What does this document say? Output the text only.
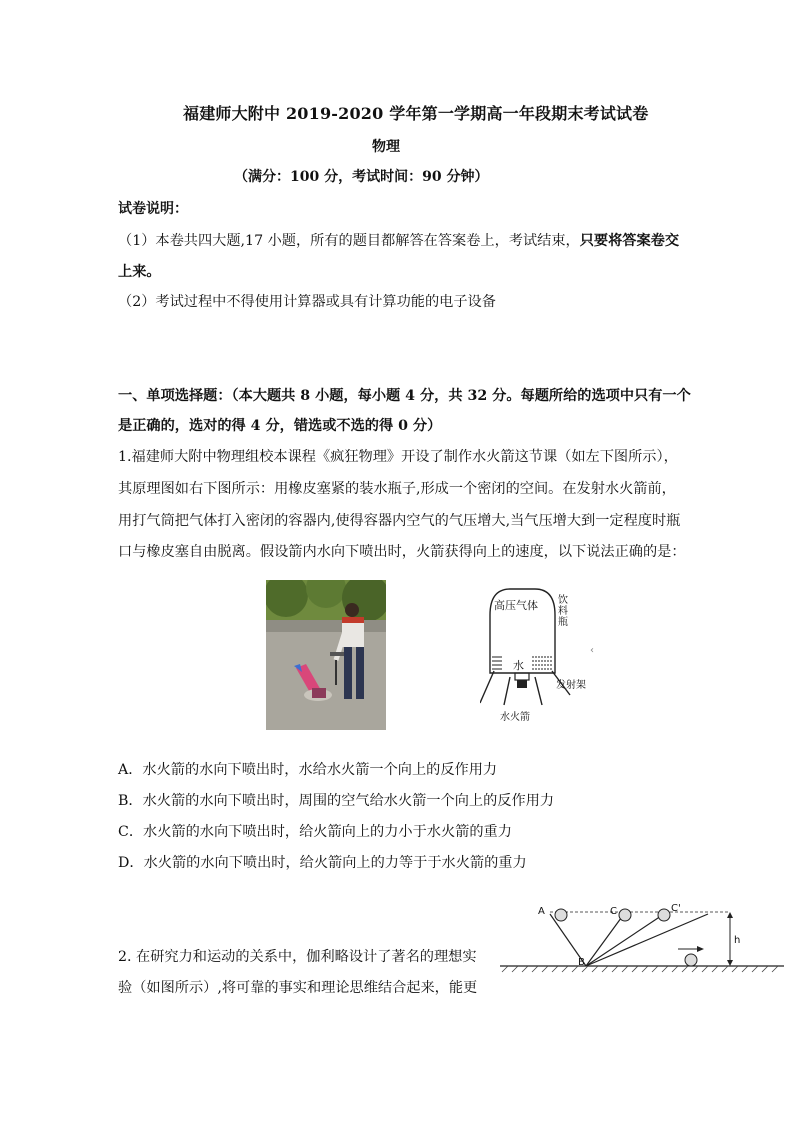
福建师大附中 2019-2020 学年第一学期高一年段期末考试试卷
物理
（满分：100 分，考试时间：90 分钟）
试卷说明：
（1）本卷共四大题,17 小题，所有的题目都解答在答案卷上，考试结束，只要将答案卷交
上来。
（2）考试过程中不得使用计算器或具有计算功能的电子设备
一、单项选择题：（本大题共 8 小题，每小题 4 分，共 32 分。每题所给的选项中只有一个
是正确的，选对的得 4 分，错选或不选的得 0 分）
1.福建师大附中物理组校本课程《疯狂物理》开设了制作水火箭这节课（如左下图所示），
其原理图如右下图所示：用橡皮塞紧的装水瓶子,形成一个密闭的空间。在发射水火箭前，
用打气筒把气体打入密闭的容器内,使得容器内空气的气压增大,当气压增大到一定程度时瓶
口与橡皮塞自由脱离。假设箭内水向下喷出时，火箭获得向上的速度，以下说法正确的是：
高压气体
水
发射架
水火箭
饮料瓶
‹
A．水火箭的水向下喷出时，水给水火箭一个向上的反作用力
B．水火箭的水向下喷出时，周围的空气给水火箭一个向上的反作用力
C．水火箭的水向下喷出时，给火箭向上的力小于水火箭的重力
D．水火箭的水向下喷出时，给火箭向上的力等于于水火箭的重力
2. 在研究力和运动的关系中，伽利略设计了著名的理想实
验（如图所示）,将可靠的事实和理论思维结合起来，能更
A
B
C	C'
h
